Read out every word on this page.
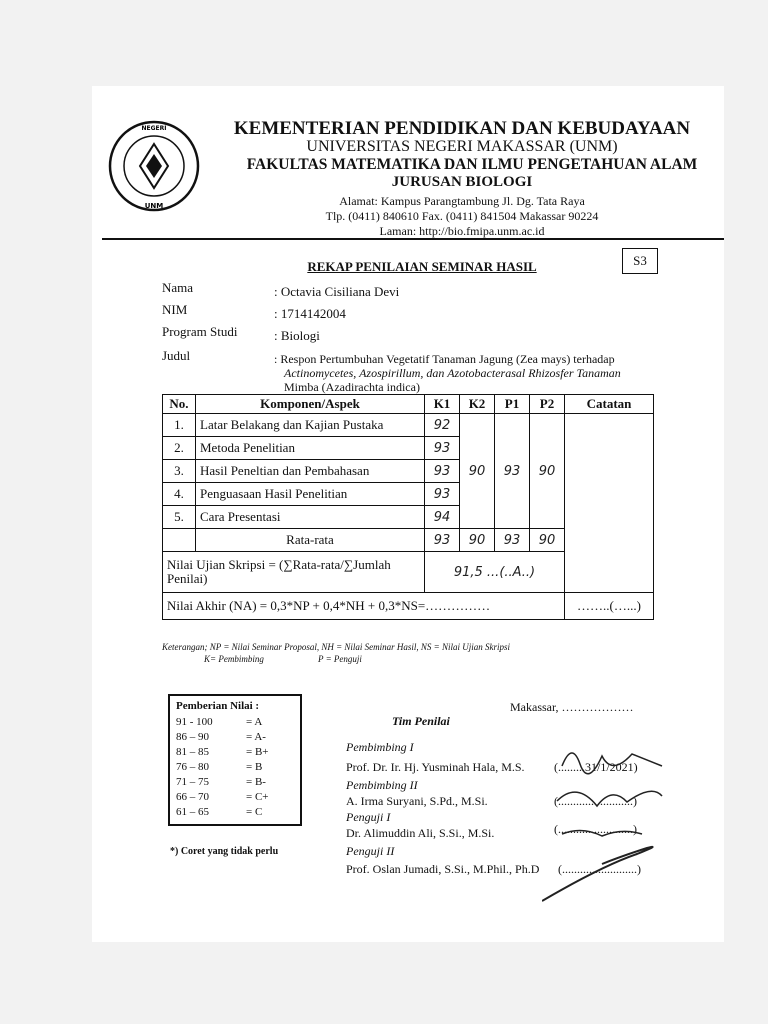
NEGERI
UNM
KEMENTERIAN PENDIDIKAN DAN KEBUDAYAAN
UNIVERSITAS NEGERI MAKASSAR (UNM)
FAKULTAS MATEMATIKA DAN ILMU PENGETAHUAN ALAM
JURUSAN BIOLOGI
Alamat: Kampus Parangtambung Jl. Dg. Tata Raya
Tlp. (0411) 840610 Fax. (0411) 841504 Makassar 90224
Laman: http://bio.fmipa.unm.ac.id
S3
REKAP PENILAIAN SEMINAR HASIL
Nama	: Octavia Cisiliana Devi
NIM	: 1714142004
Program Studi	: Biologi
Judul	: Respon Pertumbuhan Vegetatif Tanaman Jagung (Zea mays) terhadap
Actinomycetes, Azospirillum, dan Azotobacterasal Rhizosfer Tanaman
Mimba (Azadirachta indica)
No.	Komponen/Aspek	K1	K2	P1	P2	Catatan
1.	Latar Belakang dan Kajian Pustaka	92	90	93	90	
2.	Metoda Penelitian	93				
3.	Hasil Peneltian dan Pembahasan	93				
4.	Penguasaan Hasil Penelitian	93				
5.	Cara Presentasi	94				
	Rata-rata	93	90	93	90	

Nilai Ujian Skripsi = (∑Rata-rata/∑Jumlah
Penilai)		91,5 ...(..A..)				
Nilai Akhir (NA) = 0,3*NP + 0,4*NH + 0,3*NS=……………						……..(…...)
Keterangan; NP = Nilai Seminar Proposal, NH = Nilai Seminar Hasil, NS = Nilai Ujian Skripsi
K= Pembimbing	P = Penguji
Pemberian Nilai :
91 - 100	= A
86 – 90	= A-
81 – 85	= B+
76 – 80	= B
71 – 75	= B-
66 – 70	= C+
61 – 65	= C
*) Coret yang tidak perlu
Makassar, ………………
Tim Penilai
Pembimbing I
Prof. Dr. Ir. Hj. Yusminah Hala, M.S. (.........31/1/2021)
Pembimbing II
A. Irma Suryani, S.Pd., M.Si.	(.........................)
Penguji I
Dr. Alimuddin Ali, S.Si., M.Si.	(.........................)
Penguji II
Prof. Oslan Jumadi, S.Si., M.Phil., Ph.D (.........................)
